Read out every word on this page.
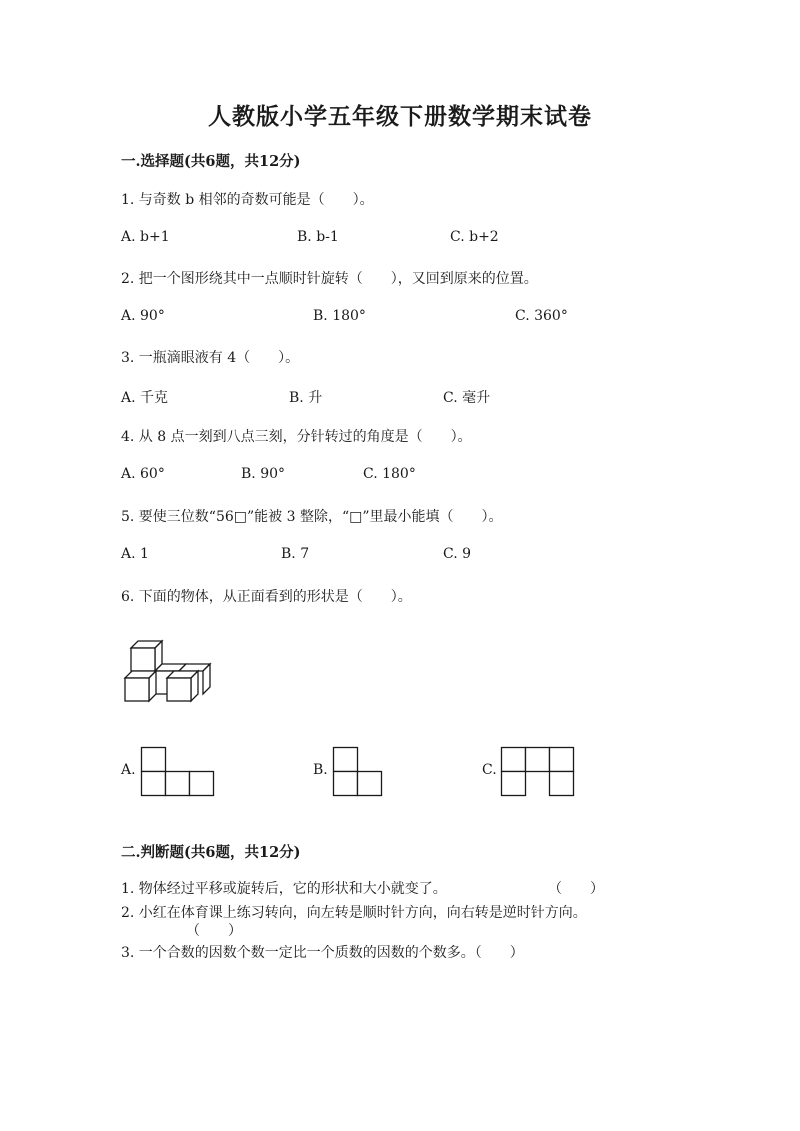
人教版小学五年级下册数学期末试卷
一.选择题(共6题，共12分)
1. 与奇数 b 相邻的奇数可能是（　　）。
A. b+1	B. b-1	C. b+2
2. 把一个图形绕其中一点顺时针旋转（　　），又回到原来的位置。
A. 90°	B. 180°	C. 360°
3. 一瓶滴眼液有 4（　　）。
A. 千克	B. 升	C. 毫升
4. 从 8 点一刻到八点三刻，分针转过的角度是（　　）。
A. 60°	B. 90°	C. 180°
5. 要使三位数“56□”能被 3 整除，“□”里最小能填（　　）。
A. 1	B. 7	C. 9
6. 下面的物体，从正面看到的形状是（　　）。
A.	B.	C.
二.判断题(共6题，共12分)
1. 物体经过平移或旋转后，它的形状和大小就变了。	（　　）
2. 小红在体育课上练习转向，向左转是顺时针方向，向右转是逆时针方向。
（　　）
3. 一个合数的因数个数一定比一个质数的因数的个数多。（　　）
